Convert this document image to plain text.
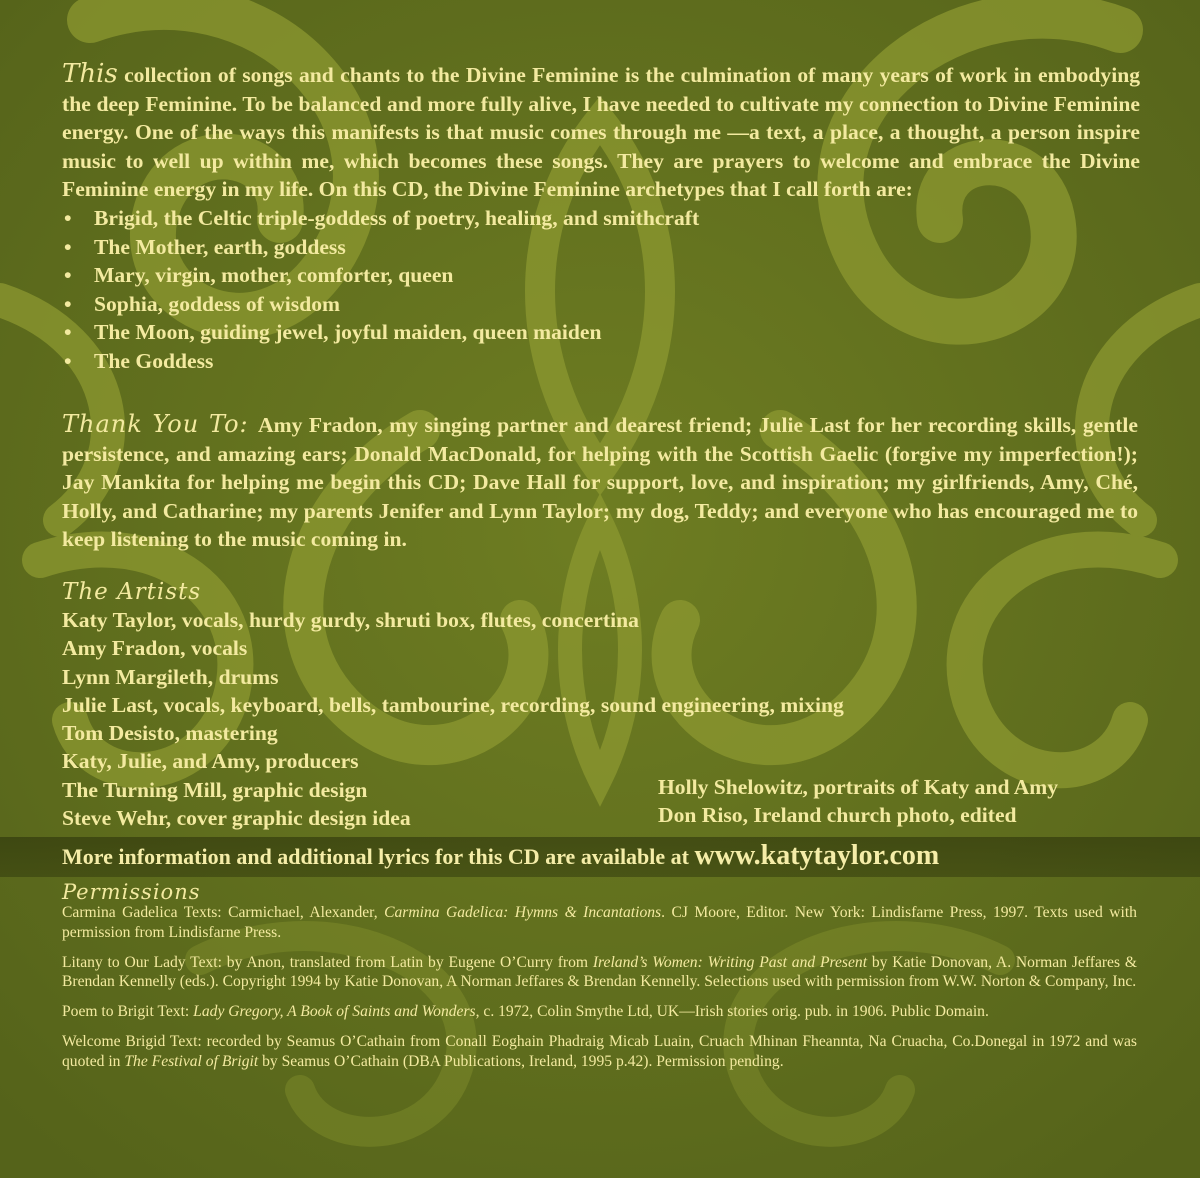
This collection of songs and chants to the Divine Feminine is the culmination of many years of work in embodying the deep Feminine. To be balanced and more fully alive, I have needed to cultivate my connection to Divine Feminine energy. One of the ways this manifests is that music comes through me —a text, a place, a thought, a person inspire music to well up within me, which becomes these songs. They are prayers to welcome and embrace the Divine Feminine energy in my life. On this CD, the Divine Feminine archetypes that I call forth are:
• Brigid, the Celtic triple-goddess of poetry, healing, and smithcraft
• The Mother, earth, goddess
• Mary, virgin, mother, comforter, queen
• Sophia, goddess of wisdom
• The Moon, guiding jewel, joyful maiden, queen maiden
• The Goddess
Thank You To: Amy Fradon, my singing partner and dearest friend; Julie Last for her recording skills, gentle persistence, and amazing ears; Donald MacDonald, for helping with the Scottish Gaelic (forgive my imperfection!); Jay Mankita for helping me begin this CD; Dave Hall for support, love, and inspiration; my girlfriends, Amy, Ché, Holly, and Catharine; my parents Jenifer and Lynn Taylor; my dog, Teddy; and everyone who has encouraged me to keep listening to the music coming in.
The Artists
Katy Taylor, vocals, hurdy gurdy, shruti box, flutes, concertina
Amy Fradon, vocals
Lynn Margileth, drums
Julie Last, vocals, keyboard, bells, tambourine, recording, sound engineering, mixing
Tom Desisto, mastering
Katy, Julie, and Amy, producers
The Turning Mill, graphic design
Steve Wehr, cover graphic design idea
Holly Shelowitz, portraits of Katy and Amy
Don Riso, Ireland church photo, edited
More information and additional lyrics for this CD are available at www.katytaylor.com
Permissions

Carmina Gadelica Texts: Carmichael, Alexander, Carmina Gadelica: Hymns & Incantations. CJ Moore, Editor. New York: Lindisfarne Press, 1997. Texts used with permission from Lindisfarne Press.

Litany to Our Lady Text: by Anon, translated from Latin by Eugene O’Curry from Ireland’s Women: Writing Past and Present by Katie Donovan, A. Norman Jeffares & Brendan Kennelly (eds.). Copyright 1994 by Katie Donovan, A Norman Jeffares & Brendan Kennelly. Selections used with permission from W.W. Norton & Company, Inc.

Poem to Brigit Text: Lady Gregory, A Book of Saints and Wonders, c. 1972, Colin Smythe Ltd, UK—Irish stories orig. pub. in 1906. Public Domain.

Welcome Brigid Text: recorded by Seamus O’Cathain from Conall Eoghain Phadraig Micab Luain, Cruach Mhinan Fheannta, Na Cruacha, Co.Donegal in 1972 and was quoted in The Festival of Brigit by Seamus O’Cathain (DBA Publications, Ireland, 1995 p.42). Permission pending.
